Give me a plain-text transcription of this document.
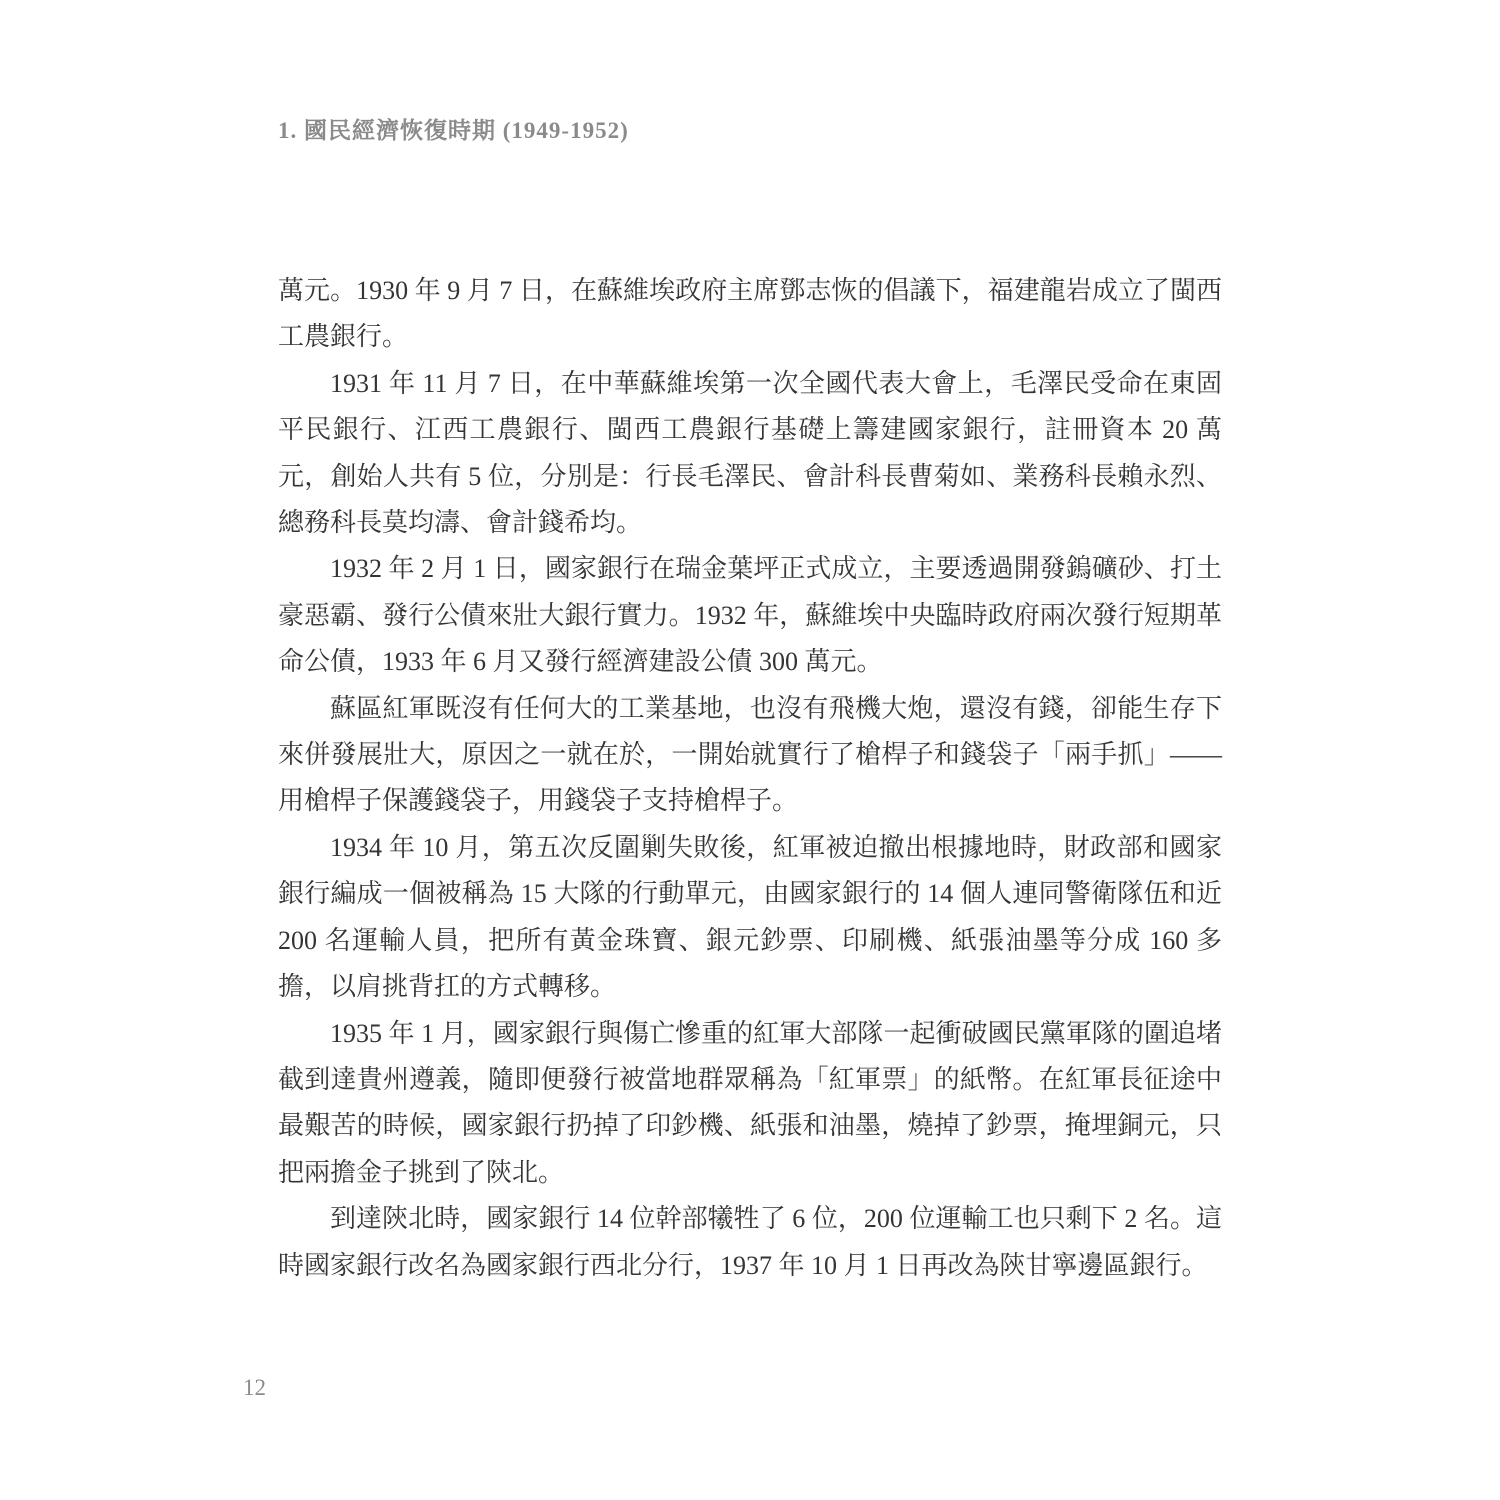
1. 國民經濟恢復時期 (1949-1952)

萬元。1930 年 9 月 7 日，在蘇維埃政府主席鄧志恢的倡議下，福建龍岩成立了閩西工農銀行。

1931 年 11 月 7 日，在中華蘇維埃第一次全國代表大會上，毛澤民受命在東固平民銀行、江西工農銀行、閩西工農銀行基礎上籌建國家銀行，註冊資本 20 萬元，創始人共有 5 位，分別是：行長毛澤民、會計科長曹菊如、業務科長賴永烈、總務科長莫均濤、會計錢希均。

1932 年 2 月 1 日，國家銀行在瑞金葉坪正式成立，主要透過開發鎢礦砂、打土豪惡霸、發行公債來壯大銀行實力。1932 年，蘇維埃中央臨時政府兩次發行短期革命公債，1933 年 6 月又發行經濟建設公債 300 萬元。

蘇區紅軍既沒有任何大的工業基地，也沒有飛機大炮，還沒有錢，卻能生存下來併發展壯大，原因之一就在於，一開始就實行了槍桿子和錢袋子「兩手抓」——用槍桿子保護錢袋子，用錢袋子支持槍桿子。

1934 年 10 月，第五次反圍剿失敗後，紅軍被迫撤出根據地時，財政部和國家銀行編成一個被稱為 15 大隊的行動單元，由國家銀行的 14 個人連同警衛隊伍和近 200 名運輸人員，把所有黃金珠寶、銀元鈔票、印刷機、紙張油墨等分成 160 多擔，以肩挑背扛的方式轉移。

1935 年 1 月，國家銀行與傷亡慘重的紅軍大部隊一起衝破國民黨軍隊的圍追堵截到達貴州遵義，隨即便發行被當地群眾稱為「紅軍票」的紙幣。在紅軍長征途中最艱苦的時候，國家銀行扔掉了印鈔機、紙張和油墨，燒掉了鈔票，掩埋銅元，只把兩擔金子挑到了陝北。

到達陝北時，國家銀行 14 位幹部犧牲了 6 位，200 位運輸工也只剩下 2 名。這時國家銀行改名為國家銀行西北分行，1937 年 10 月 1 日再改為陝甘寧邊區銀行。

12
